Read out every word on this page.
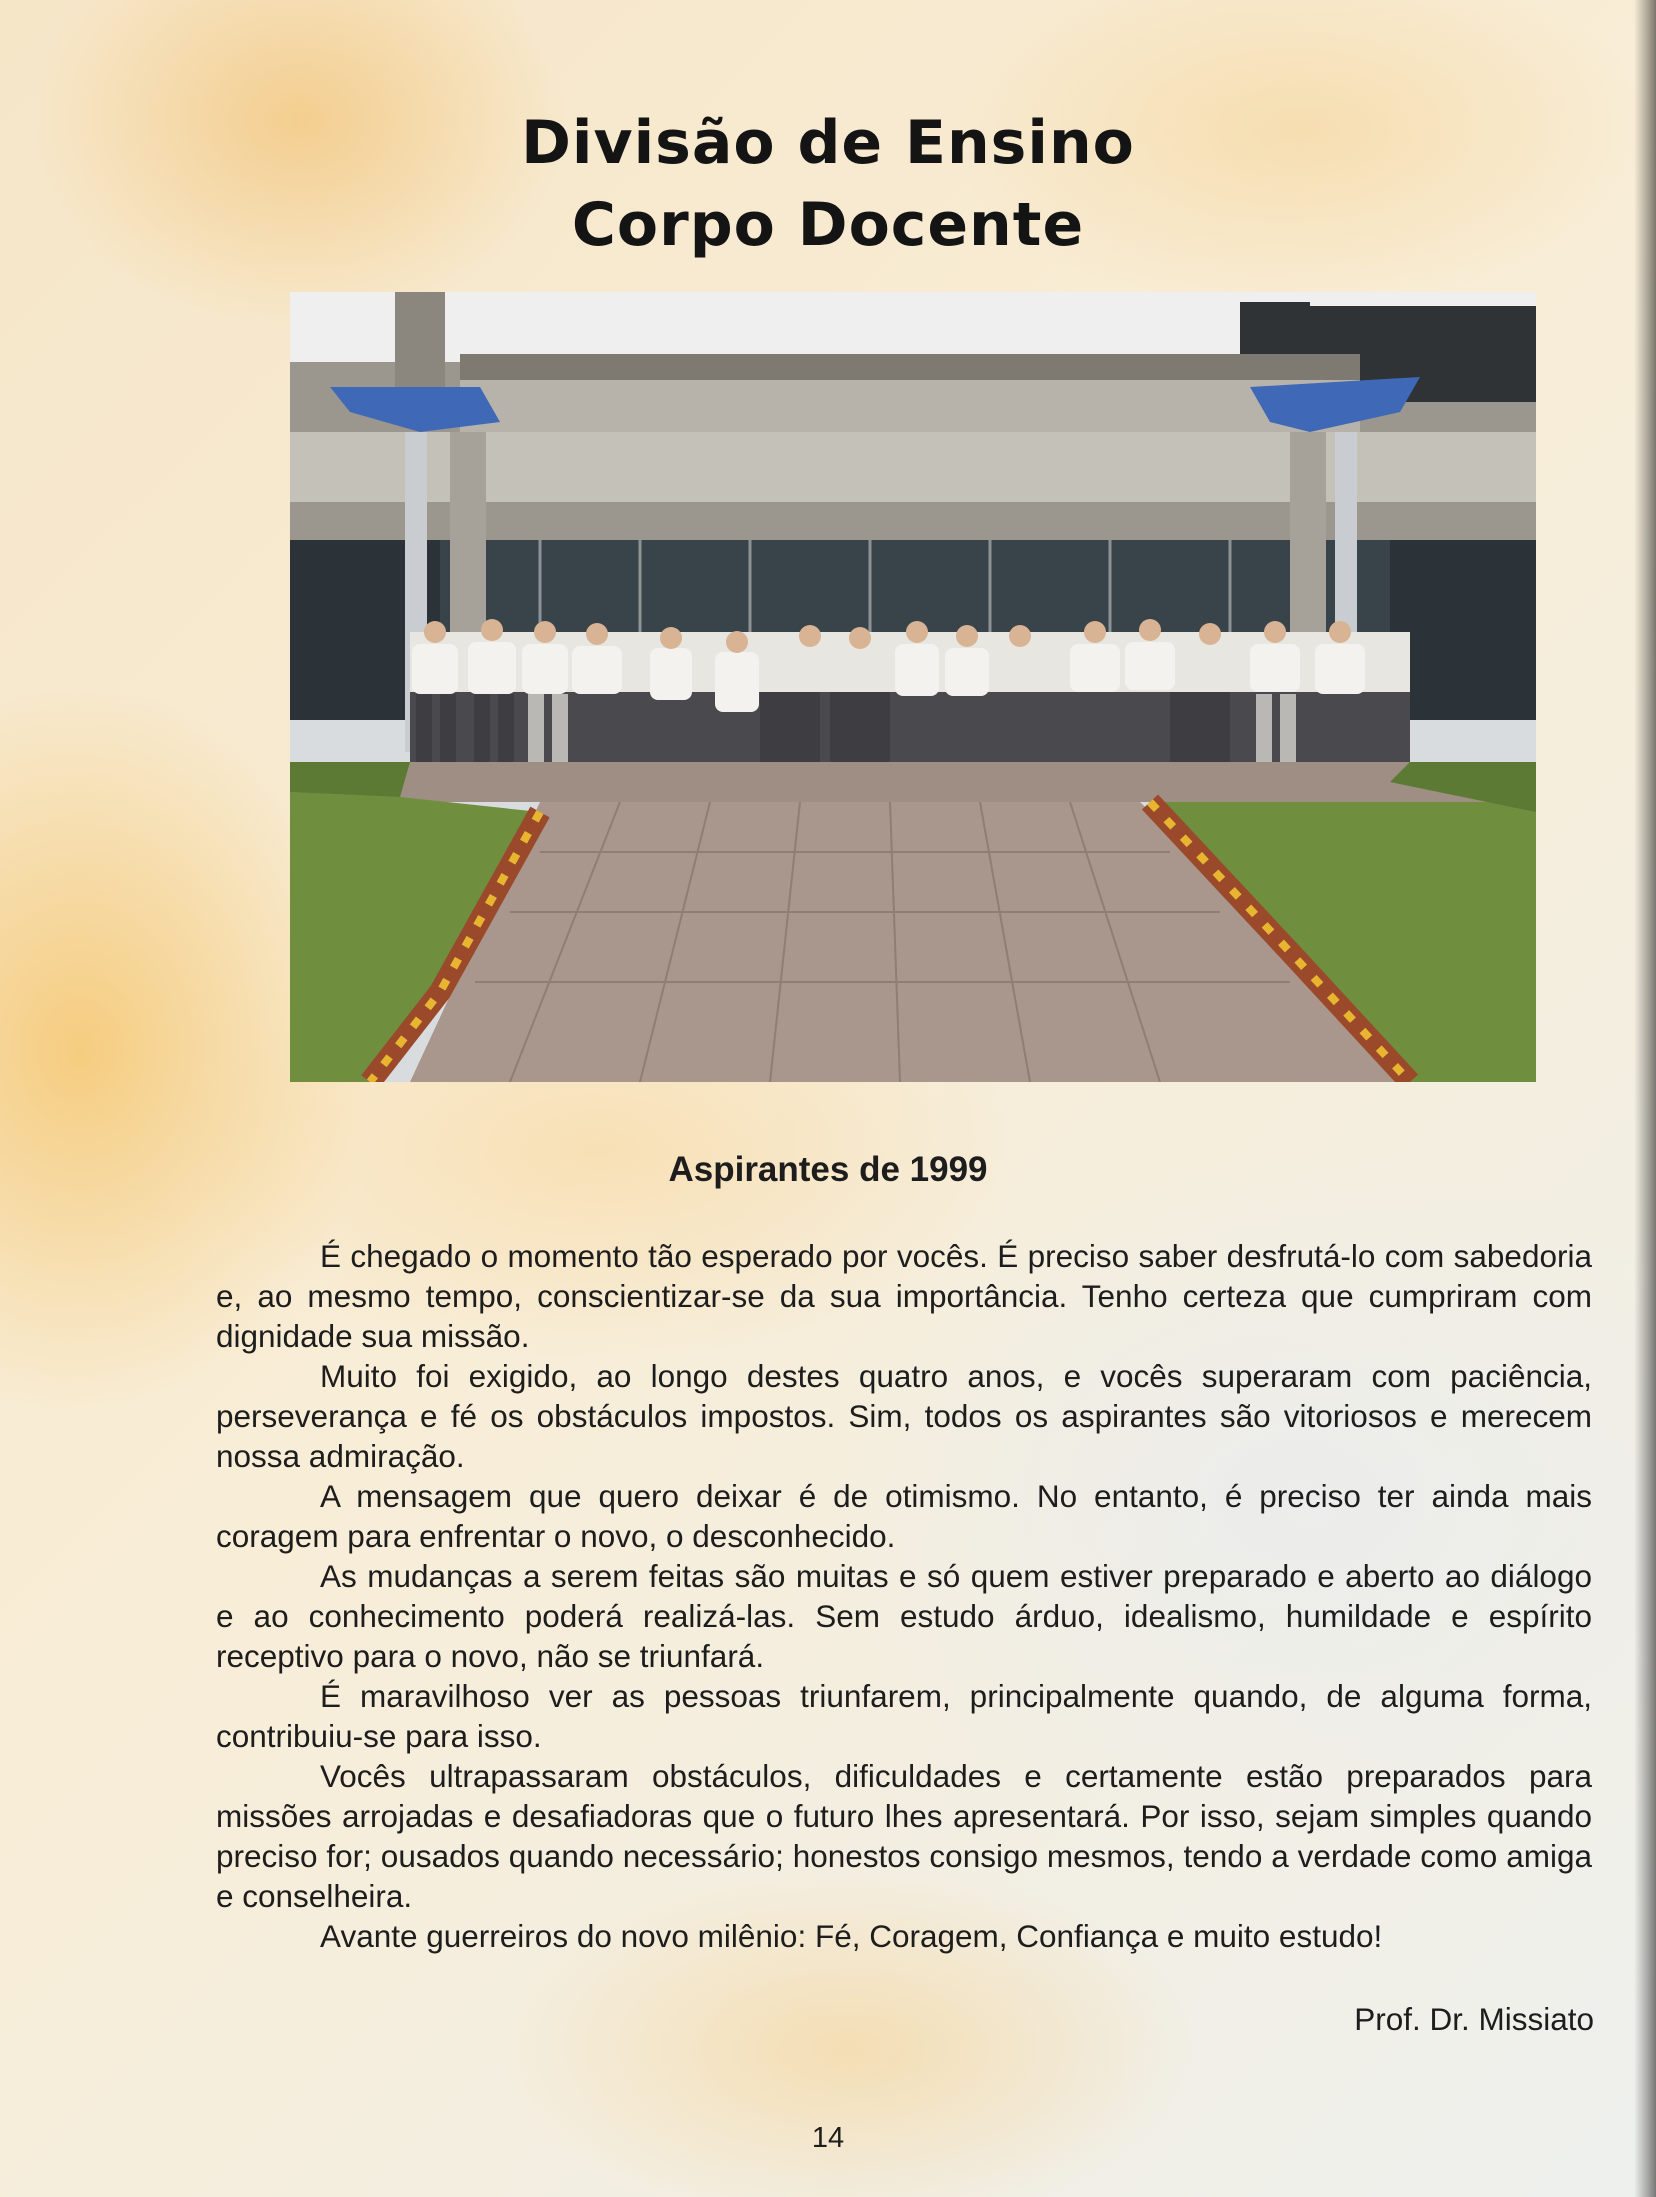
Divisão de Ensino
Corpo Docente
Aspirantes de 1999

É chegado o momento tão esperado por vocês. É preciso saber desfrutá-lo com sabedoria e, ao mesmo tempo, conscientizar-se da sua importância. Tenho certeza que cumpriram com dignidade sua missão.

Muito foi exigido, ao longo destes quatro anos, e vocês superaram com paciência, perseverança e fé os obstáculos impostos. Sim, todos os aspirantes são vitoriosos e merecem nossa admiração.

A mensagem que quero deixar é de otimismo. No entanto, é preciso ter ainda mais coragem para enfrentar o novo, o desconhecido.

As mudanças a serem feitas são muitas e só quem estiver preparado e aberto ao diálogo e ao conhecimento poderá realizá-las. Sem estudo árduo, idealismo, humildade e espírito receptivo para o novo, não se triunfará.

É maravilhoso ver as pessoas triunfarem, principalmente quando, de alguma forma, contribuiu-se para isso.

Vocês ultrapassaram obstáculos, dificuldades e certamente estão preparados para missões arrojadas e desafiadoras que o futuro lhes apresentará. Por isso, sejam simples quando preciso for; ousados quando necessário; honestos consigo mesmos, tendo a verdade como amiga e conselheira.

Avante guerreiros do novo milênio: Fé, Coragem, Confiança e muito estudo!

Prof. Dr. Missiato

14
